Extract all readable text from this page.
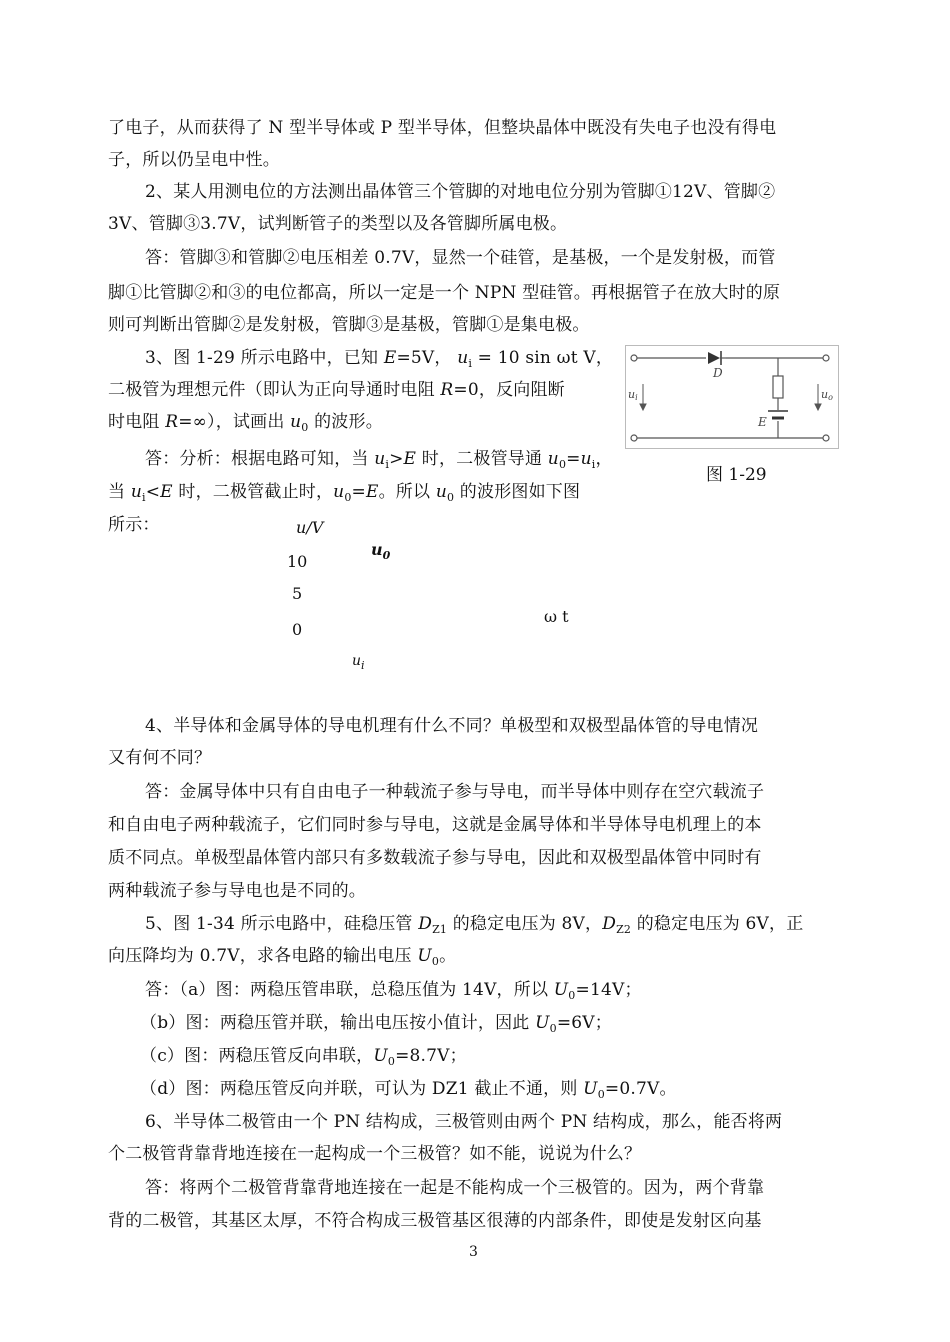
了电子，从而获得了 N 型半导体或 P 型半导体，但整块晶体中既没有失电子也没有得电
子，所以仍呈电中性。
2、某人用测电位的方法测出晶体管三个管脚的对地电位分别为管脚①12V、管脚②
3V、管脚③3.7V，试判断管子的类型以及各管脚所属电极。
答：管脚③和管脚②电压相差 0.7V，显然一个硅管，是基极，一个是发射极，而管
脚①比管脚②和③的电位都高，所以一定是一个 NPN 型硅管。再根据管子在放大时的原
则可判断出管脚②是发射极，管脚③是基极，管脚①是集电极。
3、图 1-29 所示电路中，已知 E=5V， $u_i = 10$ sin ωt V，
二极管为理想元件（即认为正向导通时电阻 R=0，反向阻断
时电阻 R=∞），试画出 $u_0$ 的波形。
答：分析：根据电路可知，当 $u_i>E$ 时，二极管导通 $u_0=u_i$，
当 $u_i<E$ 时，二极管截止时，$u_0=E$。所以 $u_0$ 的波形图如下图
所示：
D
E
ui	uo
图 1-29
u/V
$u_0$
10
5
0
ω t
$u_i$
4、半导体和金属导体的导电机理有什么不同？单极型和双极型晶体管的导电情况
又有何不同？
答：金属导体中只有自由电子一种载流子参与导电，而半导体中则存在空穴载流子
和自由电子两种载流子，它们同时参与导电，这就是金属导体和半导体导电机理上的本
质不同点。单极型晶体管内部只有多数载流子参与导电，因此和双极型晶体管中同时有
两种载流子参与导电也是不同的。
5、图 1-34 所示电路中，硅稳压管 $D_{Z1}$ 的稳定电压为 8V，$D_{Z2}$ 的稳定电压为 6V，正
向压降均为 0.7V，求各电路的输出电压 $U_0$。
答：（a）图：两稳压管串联，总稳压值为 14V，所以 $U_0=14V$；
（b）图：两稳压管并联，输出电压按小值计，因此 $U_0=6V$；
（c）图：两稳压管反向串联，$U_0=8.7V$；
（d）图：两稳压管反向并联，可认为 DZ1 截止不通，则 $U_0=0.7V$。
6、半导体二极管由一个 PN 结构成，三极管则由两个 PN 结构成，那么，能否将两
个二极管背靠背地连接在一起构成一个三极管？如不能，说说为什么？
答：将两个二极管背靠背地连接在一起是不能构成一个三极管的。因为，两个背靠
背的二极管，其基区太厚，不符合构成三极管基区很薄的内部条件，即使是发射区向基
3
